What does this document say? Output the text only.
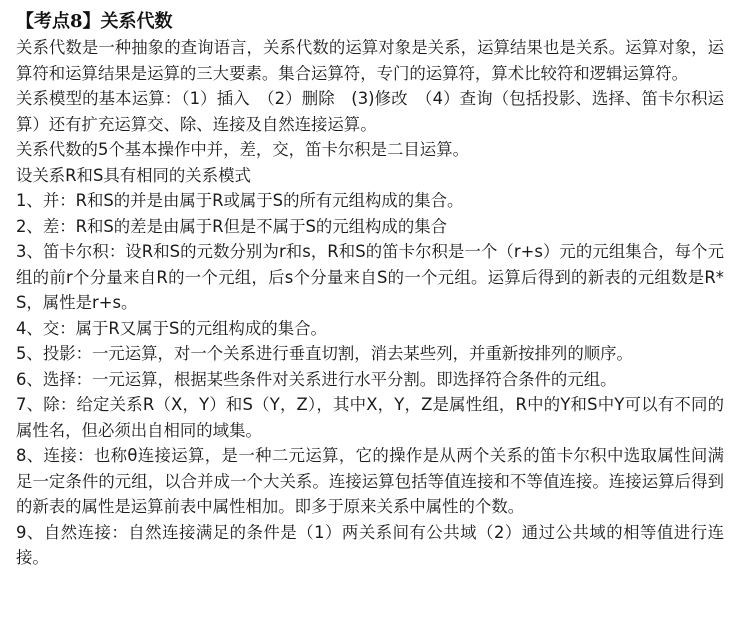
【考点8】关系代数

关系代数是一种抽象的查询语言，关系代数的运算对象是关系，运算结果也是关系。运算对象，运算符和运算结果是运算的三大要素。集合运算符，专门的运算符，算术比较符和逻辑运算符。

关系模型的基本运算：（1）插入　（2）删除　(3)修改　（4）查询（包括投影、选择、笛卡尔积运算）还有扩充运算交、除、连接及自然连接运算。

关系代数的5个基本操作中并，差，交，笛卡尔积是二目运算。

设关系R和S具有相同的关系模式

1、并：R和S的并是由属于R或属于S的所有元组构成的集合。

2、差：R和S的差是由属于R但是不属于S的元组构成的集合

3、笛卡尔积：设R和S的元数分别为r和s，R和S的笛卡尔积是一个（r+s）元的元组集合，每个元组的前r个分量来自R的一个元组，后s个分量来自S的一个元组。运算后得到的新表的元组数是R*S，属性是r+s。

4、交：属于R又属于S的元组构成的集合。

5、投影：一元运算，对一个关系进行垂直切割，消去某些列，并重新按排列的顺序。

6、选择：一元运算，根据某些条件对关系进行水平分割。即选择符合条件的元组。

7、除：给定关系R（X，Y）和S（Y，Z），其中X，Y，Z是属性组，R中的Y和S中Y可以有不同的属性名，但必须出自相同的域集。

8、连接：也称θ连接运算，是一种二元运算，它的操作是从两个关系的笛卡尔积中选取属性间满足一定条件的元组，以合并成一个大关系。连接运算包括等值连接和不等值连接。连接运算后得到的新表的属性是运算前表中属性相加。即多于原来关系中属性的个数。

9、自然连接：自然连接满足的条件是（1）两关系间有公共域（2）通过公共域的相等值进行连接。
